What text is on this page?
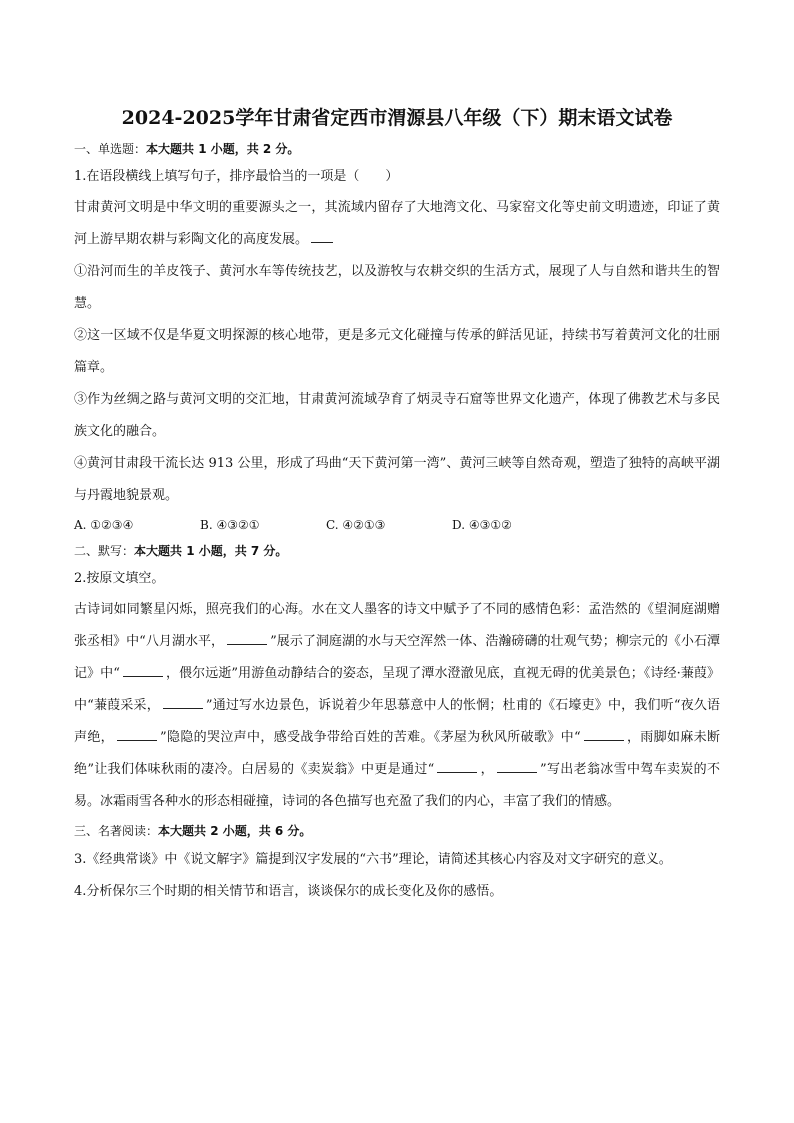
2024-2025学年甘肃省定西市渭源县八年级（下）期末语文试卷
一、单选题：本大题共 1 小题，共 2 分。

1.在语段横线上填写句子，排序最恰当的一项是（　　）

甘肃黄河文明是中华文明的重要源头之一，其流域内留存了大地湾文化、马家窑文化等史前文明遗迹，印证了黄河上游早期农耕与彩陶文化的高度发展。

①沿河而生的羊皮筏子、黄河水车等传统技艺，以及游牧与农耕交织的生活方式，展现了人与自然和谐共生的智慧。

②这一区域不仅是华夏文明探源的核心地带，更是多元文化碰撞与传承的鲜活见证，持续书写着黄河文化的壮丽篇章。

③作为丝绸之路与黄河文明的交汇地，甘肃黄河流域孕育了炳灵寺石窟等世界文化遗产，体现了佛教艺术与多民族文化的融合。

④黄河甘肃段干流长达 913 公里，形成了玛曲“天下黄河第一湾”、黄河三峡等自然奇观，塑造了独特的高峡平湖与丹霞地貌景观。

A. ①②③④	B. ④③②①	C. ④②①③	D. ④③①②
二、默写：本大题共 1 小题，共 7 分。

2.按原文填空。

古诗词如同繁星闪烁，照亮我们的心海。水在文人墨客的诗文中赋予了不同的感情色彩：孟浩然的《望洞庭湖赠张丞相》中“八月湖水平，	”展示了洞庭湖的水与天空浑然一体、浩瀚磅礴的壮观气势；柳宗元的《小石潭记》中“	，偎尔远逝”用游鱼动静结合的姿态，呈现了潭水澄澈见底，直视无碍的优美景色；《诗经·蒹葭》中“蒹葭采采，	”通过写水边景色，诉说着少年思慕意中人的怅惘；杜甫的《石壕吏》中，我们听“夜久语声绝，	”隐隐的哭泣声中，感受战争带给百姓的苦难。《茅屋为秋风所破歌》中“	，雨脚如麻未断绝”让我们体味秋雨的凄冷。白居易的《卖炭翁》中更是通过“	，	”写出老翁冰雪中驾车卖炭的不易。冰霜雨雪各种水的形态相碰撞，诗词的各色描写也充盈了我们的内心，丰富了我们的情感。

三、名著阅读：本大题共 2 小题，共 6 分。

3.《经典常谈》中《说文解字》篇提到汉字发展的“六书”理论，请简述其核心内容及对文字研究的意义。

4.分析保尔三个时期的相关情节和语言，谈谈保尔的成长变化及你的感悟。
